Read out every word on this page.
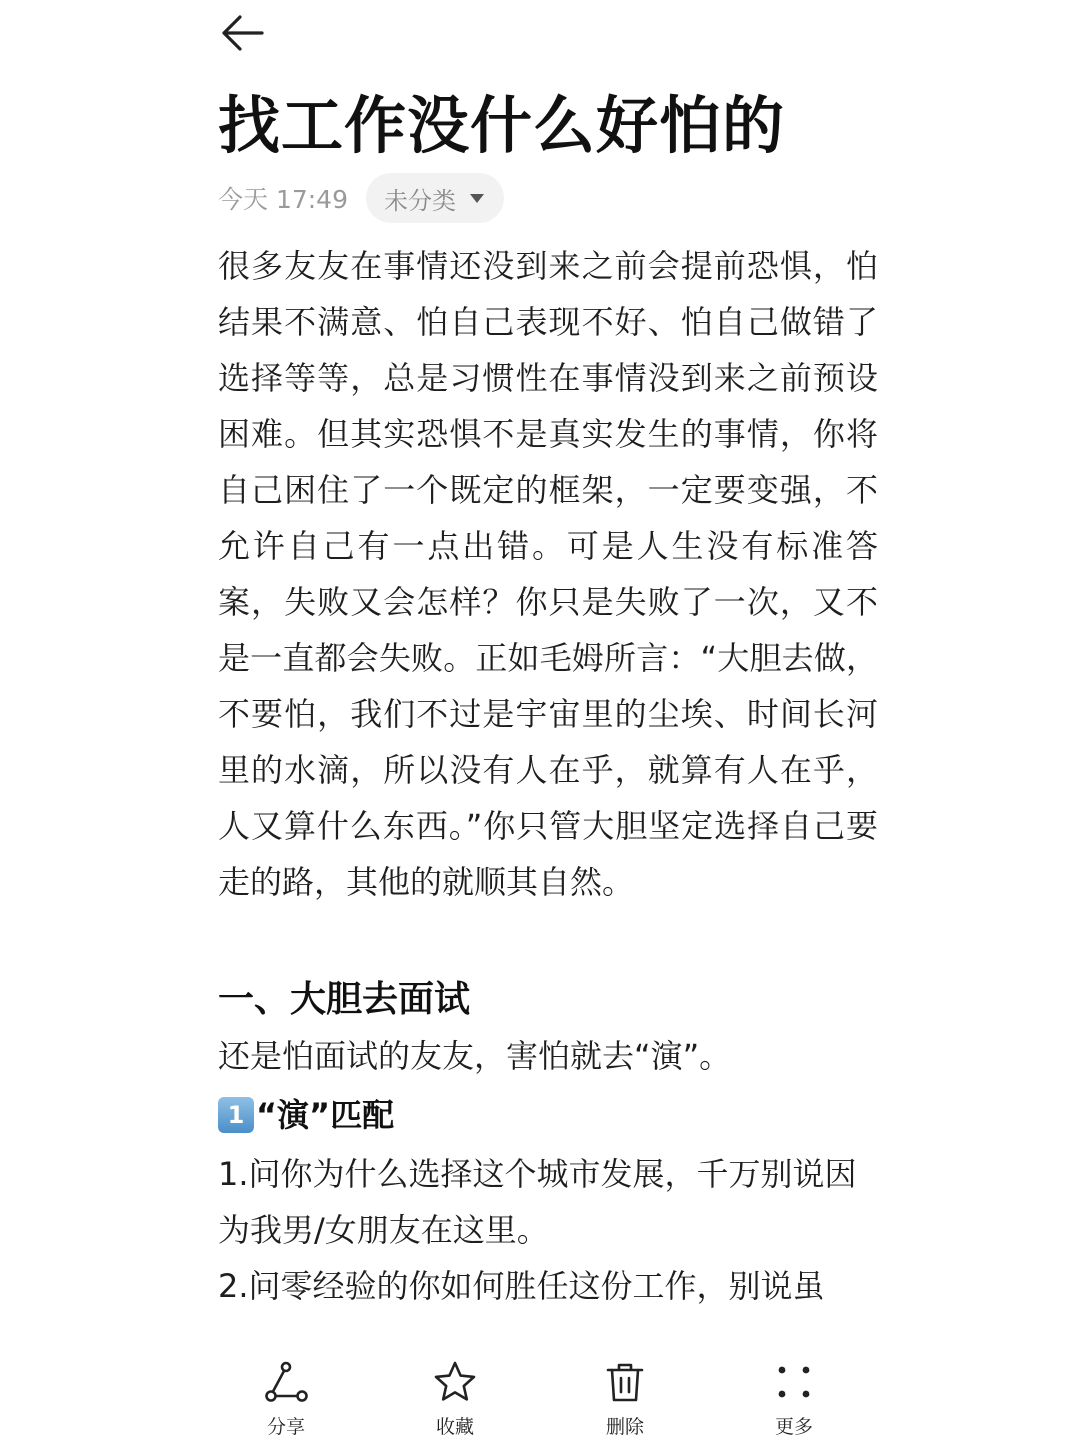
找工作没什么好怕的
今天 17:49 未分类

很多友友在事情还没到来之前会提前恐惧，怕结果不满意、怕自己表现不好、怕自己做错了选择等等，总是习惯性在事情没到来之前预设困难。但其实恐惧不是真实发生的事情，你将自己困住了一个既定的框架，一定要变强，不允许自己有一点出错。可是人生没有标准答案，失败又会怎样？你只是失败了一次，又不是一直都会失败。正如毛姆所言：“大胆去做，不要怕，我们不过是宇宙里的尘埃、时间长河里的水滴，所以没有人在乎，就算有人在乎，人又算什么东西。”你只管大胆坚定选择自己要走的路，其他的就顺其自然。

一、大胆去面试

还是怕面试的友友，害怕就去“演”。

1 “演”匹配

1.问你为什么选择这个城市发展，千万别说因为我男/女朋友在这里。

2.问零经验的你如何胜任这份工作，别说虽

分享	收藏	删除	更多
